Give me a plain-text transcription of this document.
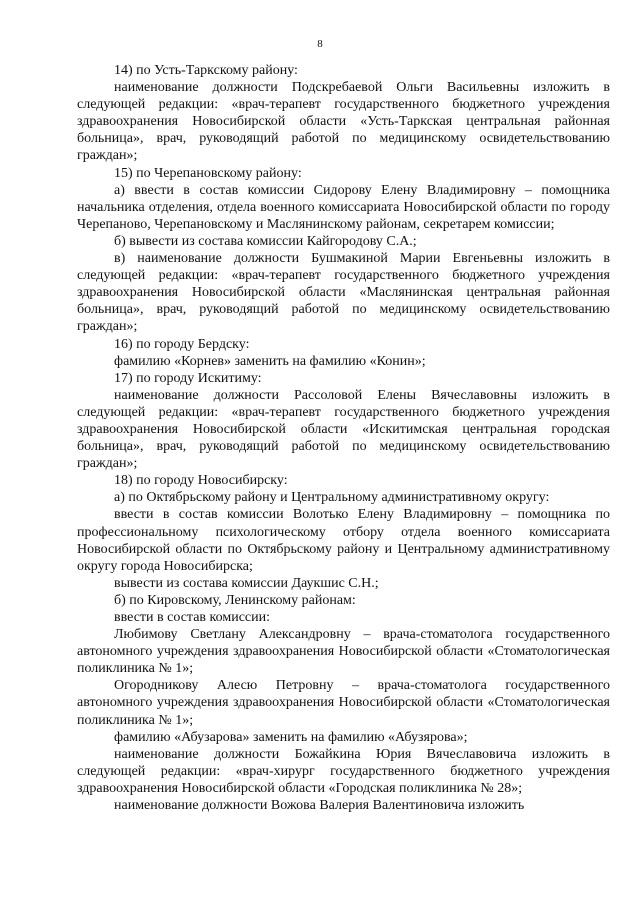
8

14) по Усть-Таркскому району:

наименование должности Подскребаевой Ольги Васильевны изложить в следующей редакции: «врач-терапевт государственного бюджетного учреждения здравоохранения Новосибирской области «Усть-Таркская центральная районная больница», врач, руководящий работой по медицинскому освидетельствованию граждан»;

15) по Черепановскому району:

а) ввести в состав комиссии Сидорову Елену Владимировну – помощника начальника отделения, отдела военного комиссариата Новосибирской области по городу Черепаново, Черепановскому и Маслянинскому районам, секретарем комиссии;

б) вывести из состава комиссии Кайгородову С.А.;

в) наименование должности Бушмакиной Марии Евгеньевны изложить в следующей редакции: «врач-терапевт государственного бюджетного учреждения здравоохранения Новосибирской области «Маслянинская центральная районная больница», врач, руководящий работой по медицинскому освидетельствованию граждан»;

16) по городу Бердску:

фамилию «Корнев» заменить на фамилию «Конин»;

17) по городу Искитиму:

наименование должности Рассоловой Елены Вячеславовны изложить в следующей редакции: «врач-терапевт государственного бюджетного учреждения здравоохранения Новосибирской области «Искитимская центральная городская больница», врач, руководящий работой по медицинскому освидетельствованию граждан»;

18) по городу Новосибирску:

а) по Октябрьскому району и Центральному административному округу:

ввести в состав комиссии Волотько Елену Владимировну – помощника по профессиональному психологическому отбору отдела военного комиссариата Новосибирской области по Октябрьскому району и Центральному административному округу города Новосибирска;

вывести из состава комиссии Даукшис С.Н.;

б) по Кировскому, Ленинскому районам:

ввести в состав комиссии:

Любимову Светлану Александровну – врача-стоматолога государственного автономного учреждения здравоохранения Новосибирской области «Стоматологическая поликлиника № 1»;

Огородникову Алесю Петровну – врача-стоматолога государственного автономного учреждения здравоохранения Новосибирской области «Стоматологическая поликлиника № 1»;

фамилию «Абузарова» заменить на фамилию «Абузярова»;

наименование должности Божайкина Юрия Вячеславовича изложить в следующей редакции: «врач-хирург государственного бюджетного учреждения здравоохранения Новосибирской области «Городская поликлиника № 28»;

наименование должности Вожова Валерия Валентиновича изложить
